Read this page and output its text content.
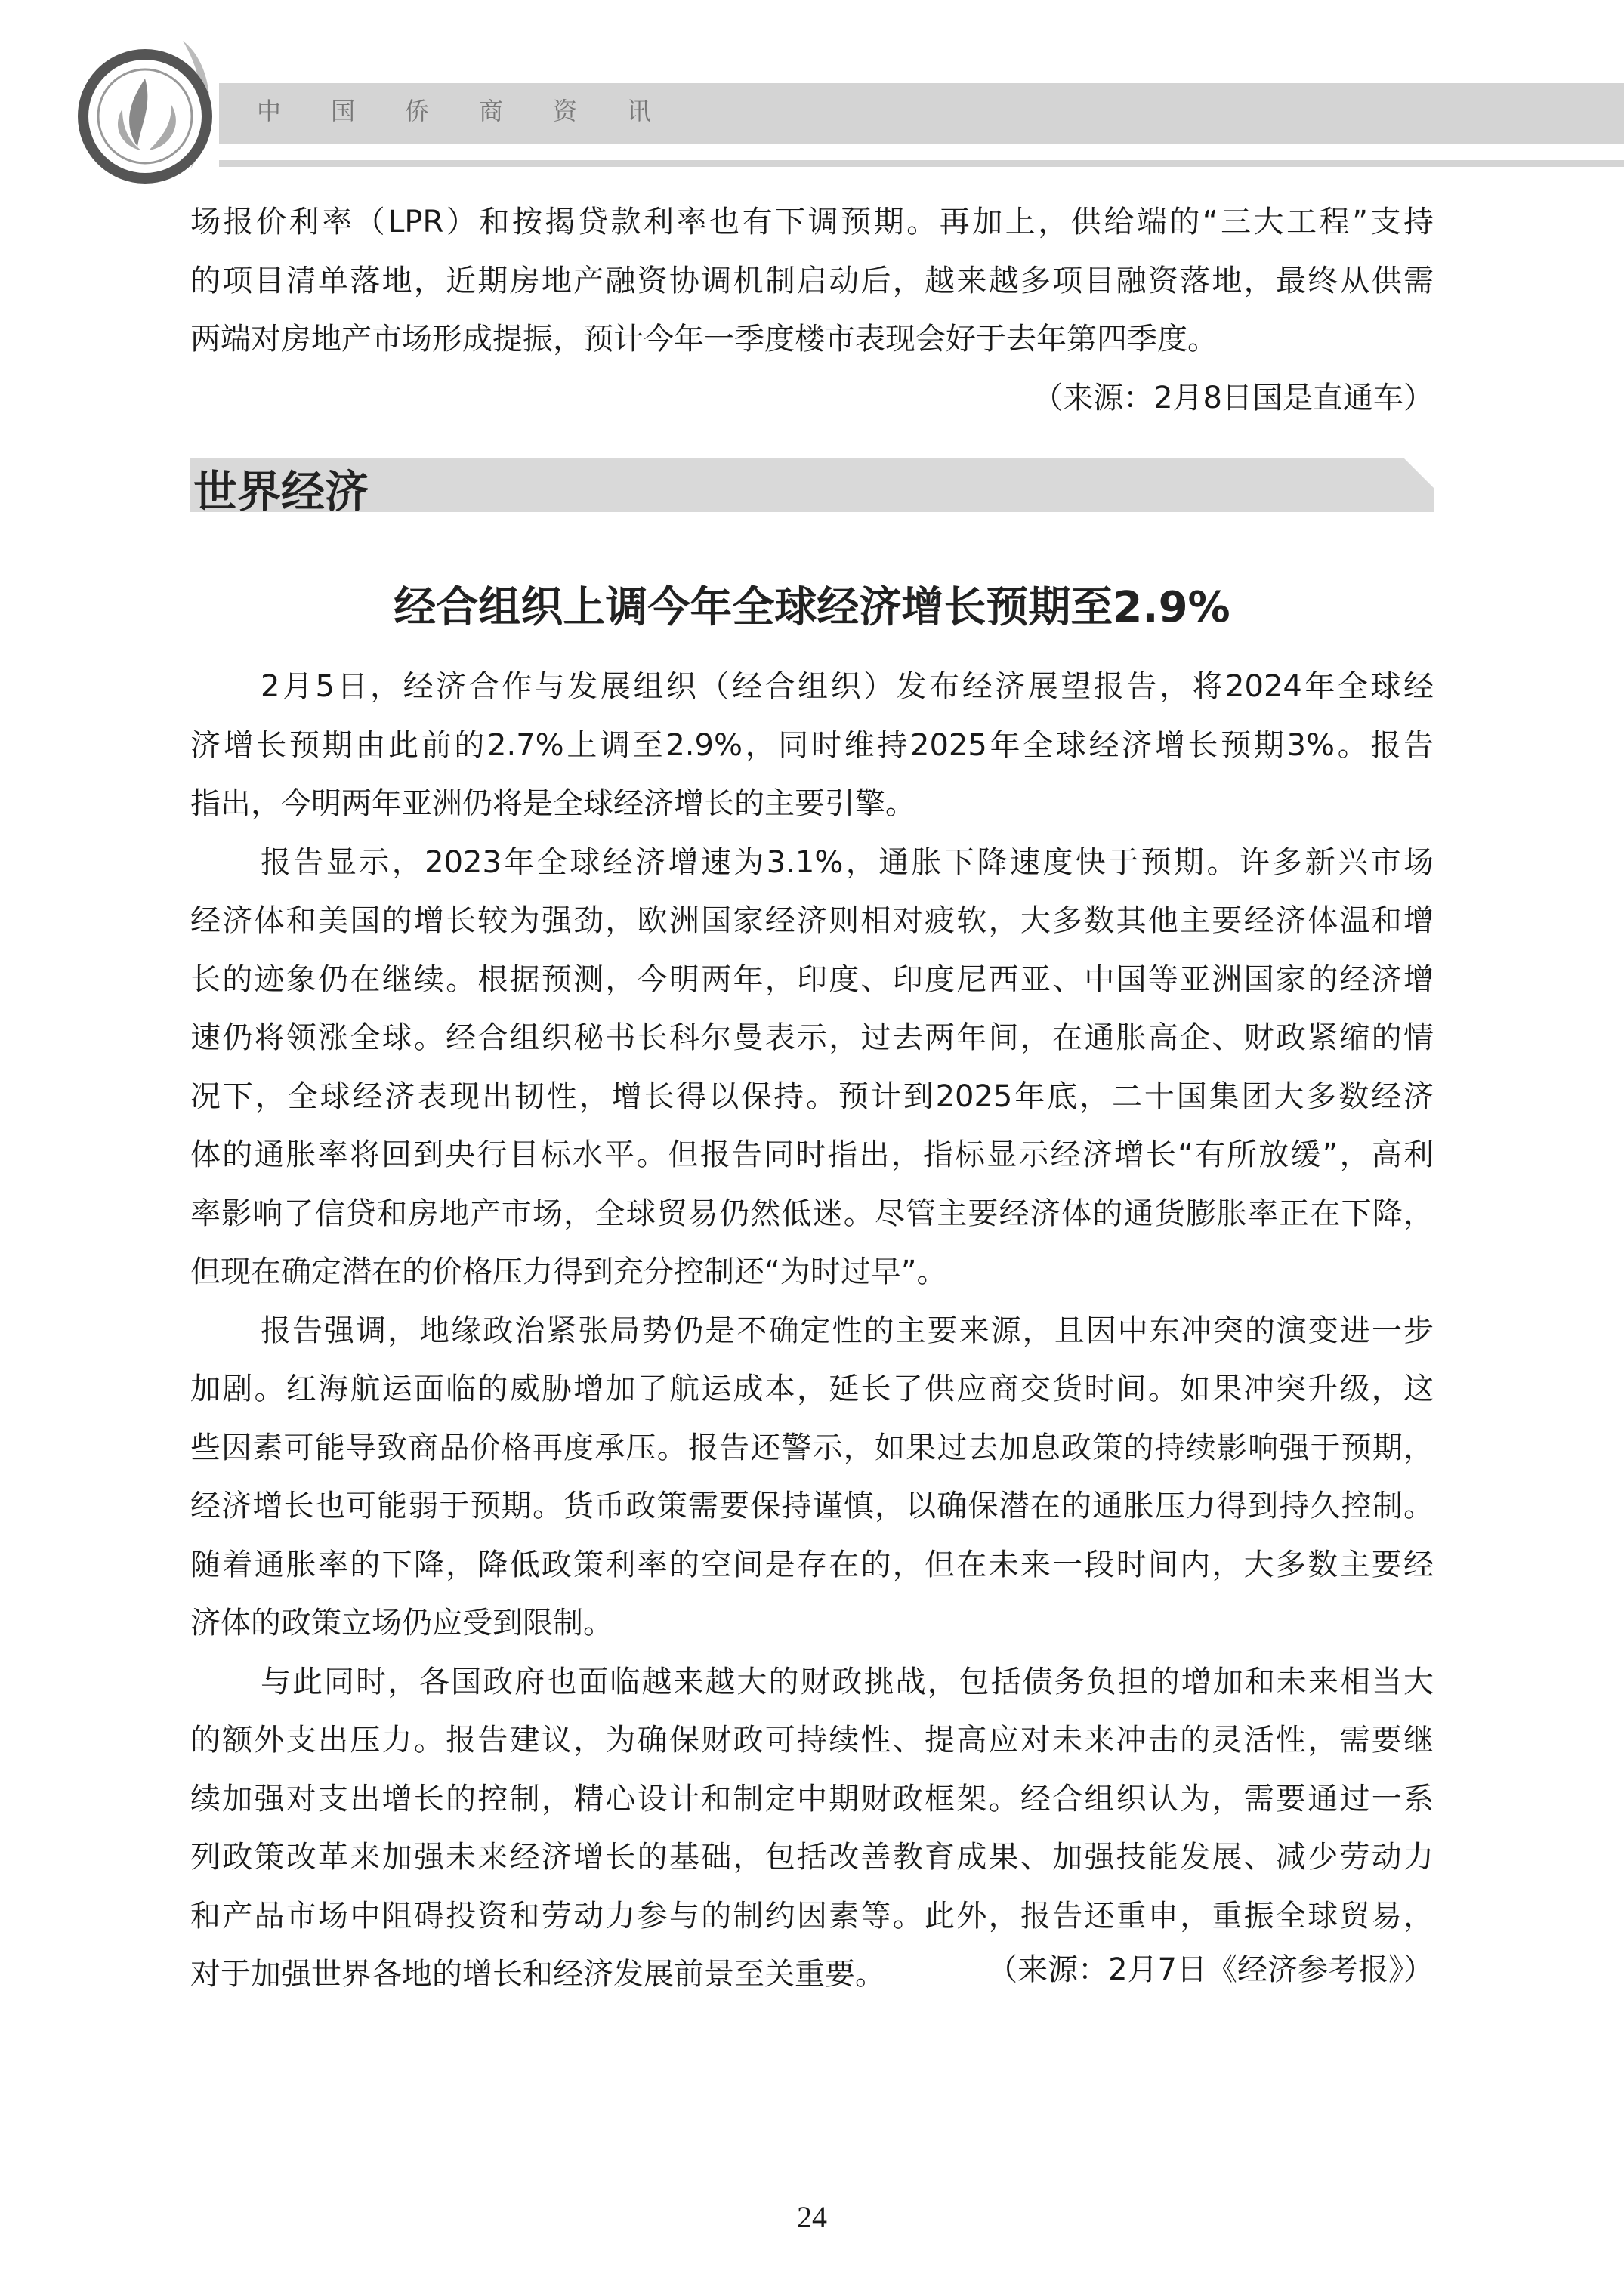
中国侨商资讯
场报价利率（LPR）和按揭贷款利率也有下调预期。再加上，供给端的“三大工程”支持
的项目清单落地，近期房地产融资协调机制启动后，越来越多项目融资落地，最终从供需
两端对房地产市场形成提振，预计今年一季度楼市表现会好于去年第四季度。
（来源：2月8日国是直通车）
世界经济
经合组织上调今年全球经济增长预期至2.9%
2月5日，经济合作与发展组织（经合组织）发布经济展望报告，将2024年全球经
济增长预期由此前的2.7%上调至2.9%，同时维持2025年全球经济增长预期3%。报告
指出，今明两年亚洲仍将是全球经济增长的主要引擎。
报告显示，2023年全球经济增速为3.1%，通胀下降速度快于预期。许多新兴市场
经济体和美国的增长较为强劲，欧洲国家经济则相对疲软，大多数其他主要经济体温和增
长的迹象仍在继续。根据预测，今明两年，印度、印度尼西亚、中国等亚洲国家的经济增
速仍将领涨全球。经合组织秘书长科尔曼表示，过去两年间，在通胀高企、财政紧缩的情
况下，全球经济表现出韧性，增长得以保持。预计到2025年底，二十国集团大多数经济
体的通胀率将回到央行目标水平。但报告同时指出，指标显示经济增长“有所放缓”，高利
率影响了信贷和房地产市场，全球贸易仍然低迷。尽管主要经济体的通货膨胀率正在下降，
但现在确定潜在的价格压力得到充分控制还“为时过早”。
报告强调，地缘政治紧张局势仍是不确定性的主要来源，且因中东冲突的演变进一步
加剧。红海航运面临的威胁增加了航运成本，延长了供应商交货时间。如果冲突升级，这
些因素可能导致商品价格再度承压。报告还警示，如果过去加息政策的持续影响强于预期，
经济增长也可能弱于预期。货币政策需要保持谨慎，以确保潜在的通胀压力得到持久控制。
随着通胀率的下降，降低政策利率的空间是存在的，但在未来一段时间内，大多数主要经
济体的政策立场仍应受到限制。
与此同时，各国政府也面临越来越大的财政挑战，包括债务负担的增加和未来相当大
的额外支出压力。报告建议，为确保财政可持续性、提高应对未来冲击的灵活性，需要继
续加强对支出增长的控制，精心设计和制定中期财政框架。经合组织认为，需要通过一系
列政策改革来加强未来经济增长的基础，包括改善教育成果、加强技能发展、减少劳动力
和产品市场中阻碍投资和劳动力参与的制约因素等。此外，报告还重申，重振全球贸易，
对于加强世界各地的增长和经济发展前景至关重要。	（来源：2月7日《经济参考报》）
24
